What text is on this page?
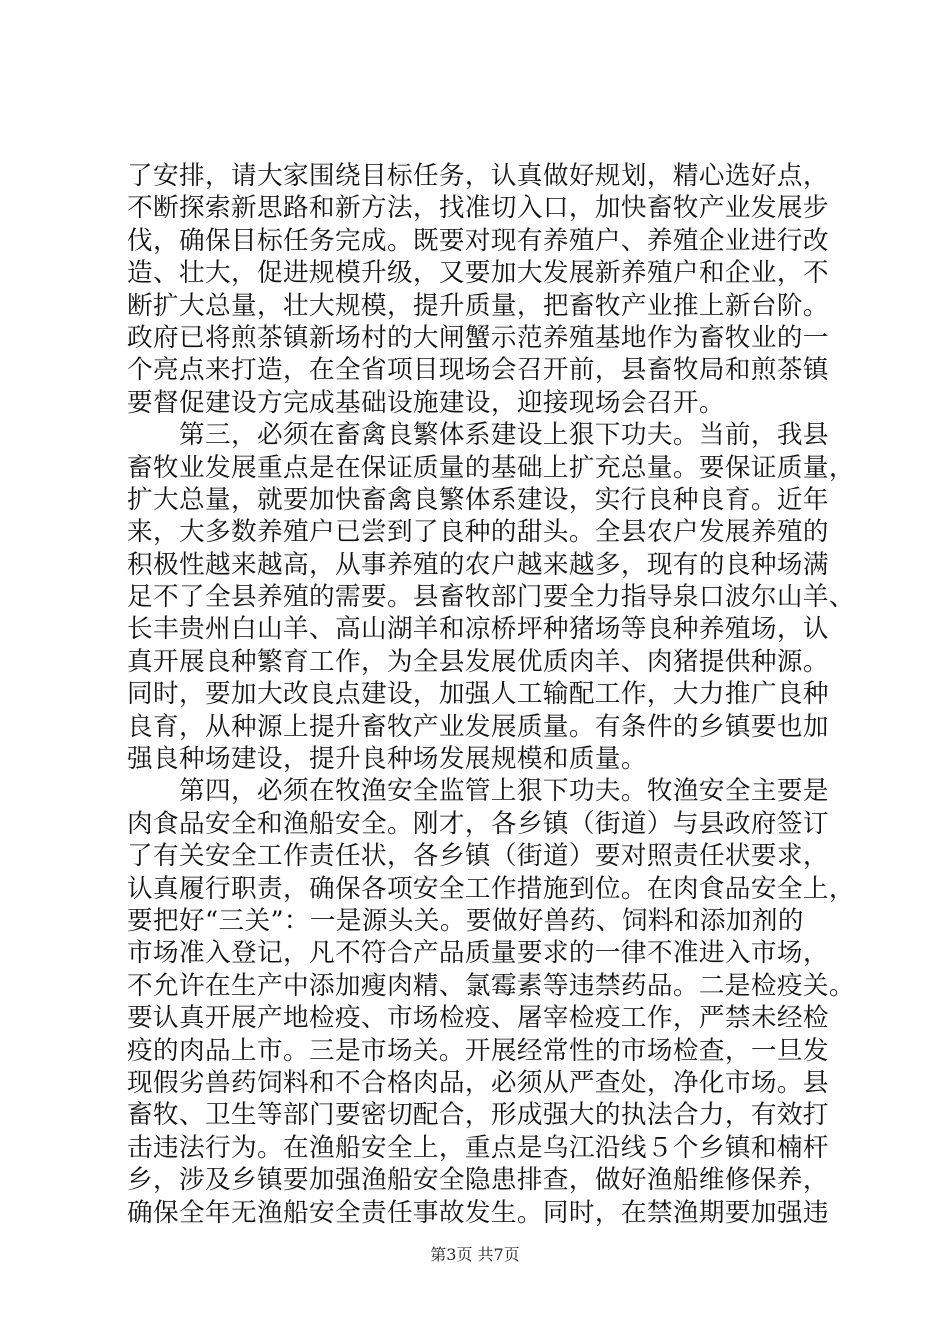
了安排，请大家围绕目标任务，认真做好规划，精心选好点，
不断探索新思路和新方法，找准切入口，加快畜牧产业发展步
伐，确保目标任务完成。既要对现有养殖户、养殖企业进行改
造、壮大，促进规模升级，又要加大发展新养殖户和企业，不
断扩大总量，壮大规模，提升质量，把畜牧产业推上新台阶。
政府已将煎茶镇新场村的大闸蟹示范养殖基地作为畜牧业的一
个亮点来打造，在全省项目现场会召开前，县畜牧局和煎茶镇
要督促建设方完成基础设施建设，迎接现场会召开。
　　第三，必须在畜禽良繁体系建设上狠下功夫。当前，我县
畜牧业发展重点是在保证质量的基础上扩充总量。要保证质量，
扩大总量，就要加快畜禽良繁体系建设，实行良种良育。近年
来，大多数养殖户已尝到了良种的甜头。全县农户发展养殖的
积极性越来越高，从事养殖的农户越来越多，现有的良种场满
足不了全县养殖的需要。县畜牧部门要全力指导泉口波尔山羊、
长丰贵州白山羊、高山湖羊和凉桥坪种猪场等良种养殖场，认
真开展良种繁育工作，为全县发展优质肉羊、肉猪提供种源。
同时，要加大改良点建设，加强人工输配工作，大力推广良种
良育，从种源上提升畜牧产业发展质量。有条件的乡镇要也加
强良种场建设，提升良种场发展规模和质量。
　　第四，必须在牧渔安全监管上狠下功夫。牧渔安全主要是
肉食品安全和渔船安全。刚才，各乡镇（街道）与县政府签订
了有关安全工作责任状，各乡镇（街道）要对照责任状要求，
认真履行职责，确保各项安全工作措施到位。在肉食品安全上，
要把好“三关”：一是源头关。要做好兽药、饲料和添加剂的
市场准入登记，凡不符合产品质量要求的一律不准进入市场，
不允许在生产中添加瘦肉精、氯霉素等违禁药品。二是检疫关。
要认真开展产地检疫、市场检疫、屠宰检疫工作，严禁未经检
疫的肉品上市。三是市场关。开展经常性的市场检查，一旦发
现假劣兽药饲料和不合格肉品，必须从严查处，净化市场。县
畜牧、卫生等部门要密切配合，形成强大的执法合力，有效打
击违法行为。在渔船安全上，重点是乌江沿线５个乡镇和楠杆
乡，涉及乡镇要加强渔船安全隐患排查，做好渔船维修保养，
确保全年无渔船安全责任事故发生。同时，在禁渔期要加强违
第3页 共7页
